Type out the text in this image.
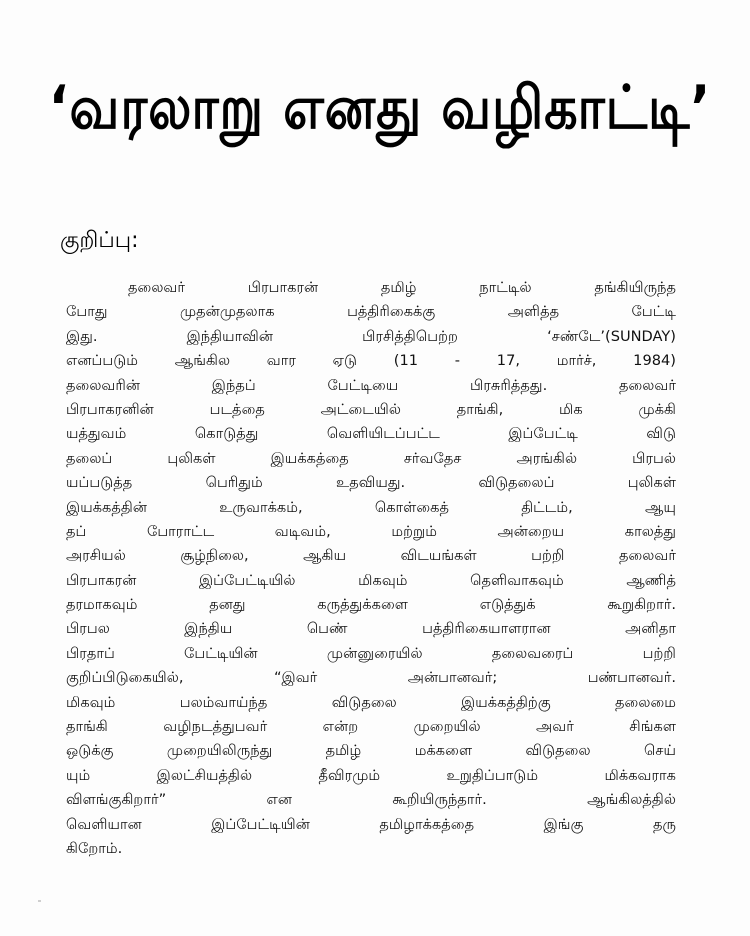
‘வரலாறு எனது வழிகாட்டி’
குறிப்பு:
தலைவர் பிரபாகரன் தமிழ் நாட்டில் தங்கியிருந்த
போது முதன்முதலாக பத்திரிகைக்கு அளித்த பேட்டி
இது. இந்தியாவின் பிரசித்திபெற்ற ‘சண்டே’(SUNDAY)
எனப்படும் ஆங்கில வார ஏடு (11 - 17, மார்ச், 1984)
தலைவரின் இந்தப் பேட்டியை பிரசுரித்தது. தலைவர்
பிரபாகரனின் படத்தை அட்டையில் தாங்கி, மிக முக்கி
யத்துவம் கொடுத்து வெளியிடப்பட்ட இப்பேட்டி விடு
தலைப் புலிகள் இயக்கத்தை சர்வதேச அரங்கில் பிரபல்
யப்படுத்த பெரிதும் உதவியது. விடுதலைப் புலிகள்
இயக்கத்தின் உருவாக்கம், கொள்கைத் திட்டம், ஆயு
தப் போராட்ட வடிவம், மற்றும் அன்றைய காலத்து
அரசியல் சூழ்நிலை, ஆகிய விடயங்கள் பற்றி தலைவர்
பிரபாகரன் இப்பேட்டியில் மிகவும் தெளிவாகவும் ஆணித்
தரமாகவும் தனது கருத்துக்களை எடுத்துக் கூறுகிறார்.
பிரபல இந்திய பெண் பத்திரிகையாளரான அனிதா
பிரதாப் பேட்டியின் முன்னுரையில் தலைவரைப் பற்றி
குறிப்பிடுகையில், “இவர் அன்பானவர்; பண்பானவர்.
மிகவும் பலம்வாய்ந்த விடுதலை இயக்கத்திற்கு தலைமை
தாங்கி வழிநடத்துபவர் என்ற முறையில் அவர் சிங்கள
ஒடுக்கு முறையிலிருந்து தமிழ் மக்களை விடுதலை செய்
யும் இலட்சியத்தில் தீவிரமும் உறுதிப்பாடும் மிக்கவராக
விளங்குகிறார்” என கூறியிருந்தார். ஆங்கிலத்தில்
வெளியான இப்பேட்டியின் தமிழாக்கத்தை இங்கு தரு
கிறோம்.
